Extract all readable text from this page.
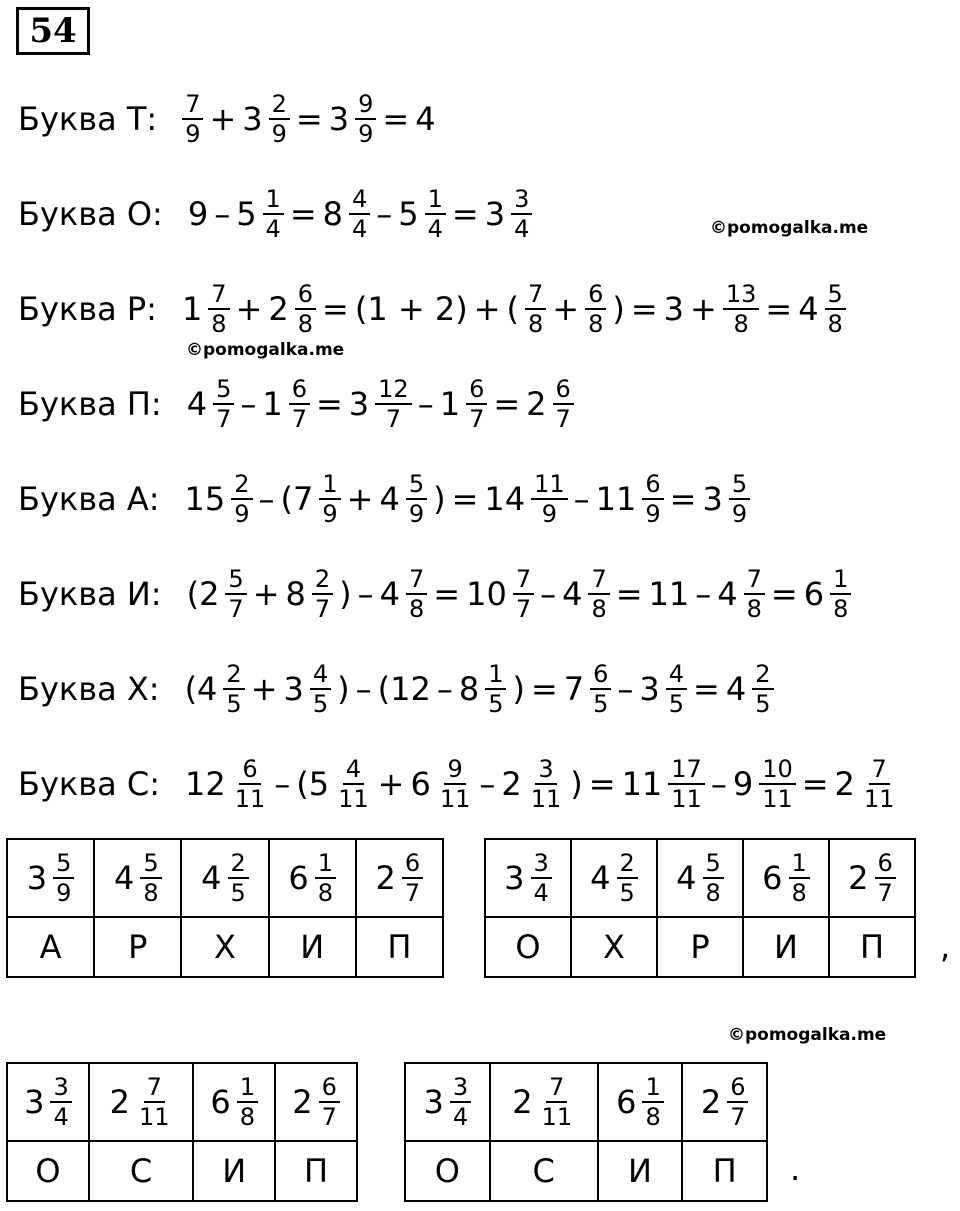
54
©pomogalka.me
©pomogalka.me
©pomogalka.me
Буква Т: $\frac{7}{9} + 3 \frac{2}{9} = 3 \frac{9}{9} = 4$
Буква О: $9 - 5 \frac{1}{4} = 8 \frac{4}{4} - 5 \frac{1}{4} = 3 \frac{3}{4}$
Буква Р: $1 \frac{7}{8} + 2 \frac{6}{8} = (1 + 2)$ + ( $\frac{7}{8} + \frac{6}{8}$ ) = $3 + \frac{13}{8} = 4 \frac{5}{8}$
Буква П: $4 \frac{5}{7} - 1 \frac{6}{7} = 3 \frac{12}{7} - 1 \frac{6}{7} = 2 \frac{6}{7}$
Буква А: $15 \frac{2}{9} - (7 \frac{1}{9} + 4 \frac{5}{9}$ ) = $14 \frac{11}{9} - 11 \frac{6}{9} = 3 \frac{5}{9}$
Буква И: ($2 \frac{5}{7} + 8 \frac{2}{7}$ ) – $4 \frac{7}{8} = 10 \frac{7}{7} - 4 \frac{7}{8} = 11 - 4 \frac{7}{8} = 6 \frac{1}{8}$
Буква Х: ($4 \frac{2}{5} + 3 \frac{4}{5}$ ) – ($12 - 8 \frac{1}{5}$ ) = $7 \frac{6}{5} - 3 \frac{4}{5} = 4 \frac{2}{5}$
Буква С: $12 \frac{6}{11} - (5 \frac{4}{11} + 6 \frac{9}{11} - 2 \frac{3}{11}$ ) = $11 \frac{17}{11} - 9 \frac{10}{11} = 2 \frac{7}{11}$
$3 \frac{5}{9}$	$4 \frac{5}{8}$	$4 \frac{2}{5}$	$6 \frac{1}{8}$	$2 \frac{6}{7}$

А	Р	Х	И	П
$3 \frac{3}{4}$	$4 \frac{2}{5}$	$4 \frac{5}{8}$	$6 \frac{1}{8}$	$2 \frac{6}{7}$

О	Х	Р	И	П
$3 \frac{3}{4}$	$2 \frac{7}{11}$	$6 \frac{1}{8}$	$2 \frac{6}{7}$

О	С	И	П
$3 \frac{3}{4}$	$2 \frac{7}{11}$	$6 \frac{1}{8}$	$2 \frac{6}{7}$

О	С	И	П
,
.
